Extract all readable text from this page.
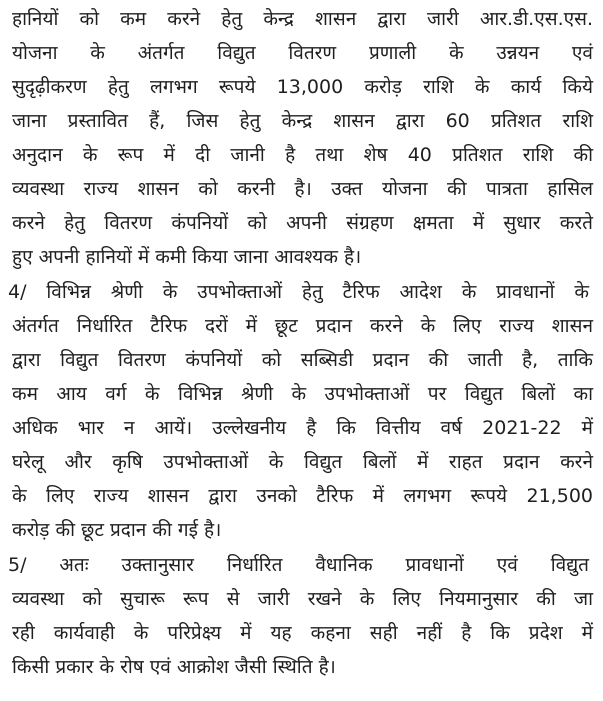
हानियों को कम करने हेतु केन्द्र शासन द्वारा जारी आर.डी.एस.एस.
योजना के अंतर्गत विद्युत वितरण प्रणाली के उन्नयन एवं
सुदृढ़ीकरण हेतु लगभग रूपये 13,000 करोड़ राशि के कार्य किये
जाना प्रस्तावित हैं, जिस हेतु केन्द्र शासन द्वारा 60 प्रतिशत राशि
अनुदान के रूप में दी जानी है तथा शेष 40 प्रतिशत राशि की
व्यवस्था राज्य शासन को करनी है। उक्त योजना की पात्रता हासिल
करने हेतु वितरण कंपनियों को अपनी संग्रहण क्षमता में सुधार करते
हुए अपनी हानियों में कमी किया जाना आवश्यक है।
4/ विभिन्न श्रेणी के उपभोक्ताओं हेतु टैरिफ आदेश के प्रावधानों के
अंतर्गत निर्धारित टैरिफ दरों में छूट प्रदान करने के लिए राज्य शासन
द्वारा विद्युत वितरण कंपनियों को सब्सिडी प्रदान की जाती है, ताकि
कम आय वर्ग के विभिन्न श्रेणी के उपभोक्ताओं पर विद्युत बिलों का
अधिक भार न आयें। उल्लेखनीय है कि वित्तीय वर्ष 2021-22 में
घरेलू और कृषि उपभोक्ताओं के विद्युत बिलों में राहत प्रदान करने
के लिए राज्य शासन द्वारा उनको टैरिफ में लगभग रूपये 21,500
करोड़ की छूट प्रदान की गई है।
5/ अतः उक्तानुसार निर्धारित वैधानिक प्रावधानों एवं विद्युत
व्यवस्था को सुचारू रूप से जारी रखने के लिए नियमानुसार की जा
रही कार्यवाही के परिप्रेक्ष्य में यह कहना सही नहीं है कि प्रदेश में
किसी प्रकार के रोष एवं आक्रोश जैसी स्थिति है।
